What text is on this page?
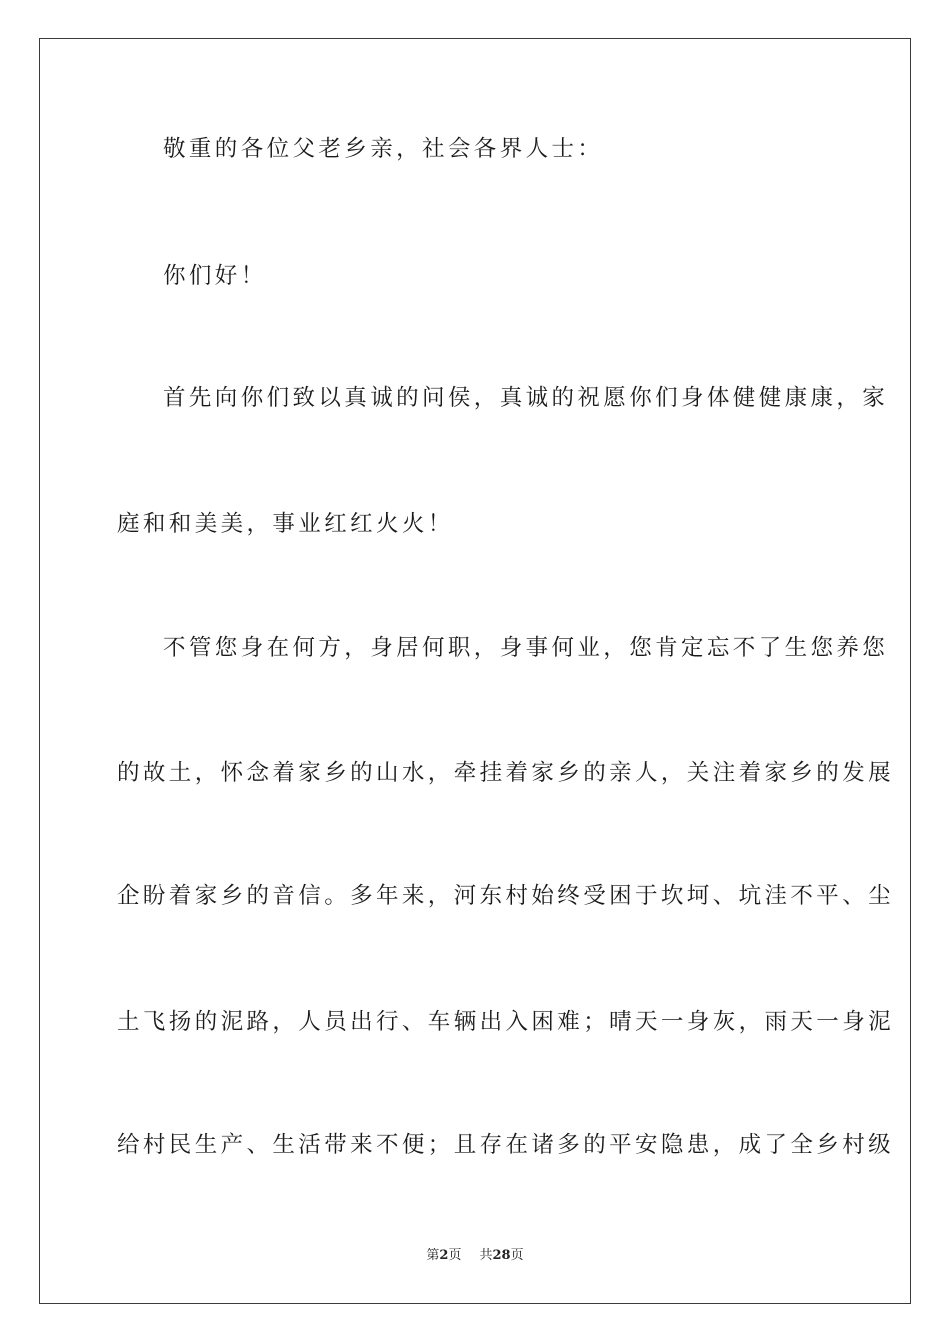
敬重的各位父老乡亲，社会各界人士：
你们好！
首先向你们致以真诚的问侯，真诚的祝愿你们身体健健康康，家
庭和和美美，事业红红火火！
不管您身在何方，身居何职，身事何业，您肯定忘不了生您养您
的故土，怀念着家乡的山水，牵挂着家乡的亲人，关注着家乡的发展
企盼着家乡的音信。多年来，河东村始终受困于坎坷、坑洼不平、尘
土飞扬的泥路，人员出行、车辆出入困难；晴天一身灰，雨天一身泥
给村民生产、生活带来不便；且存在诸多的平安隐患，成了全乡村级
第2页 共28页
